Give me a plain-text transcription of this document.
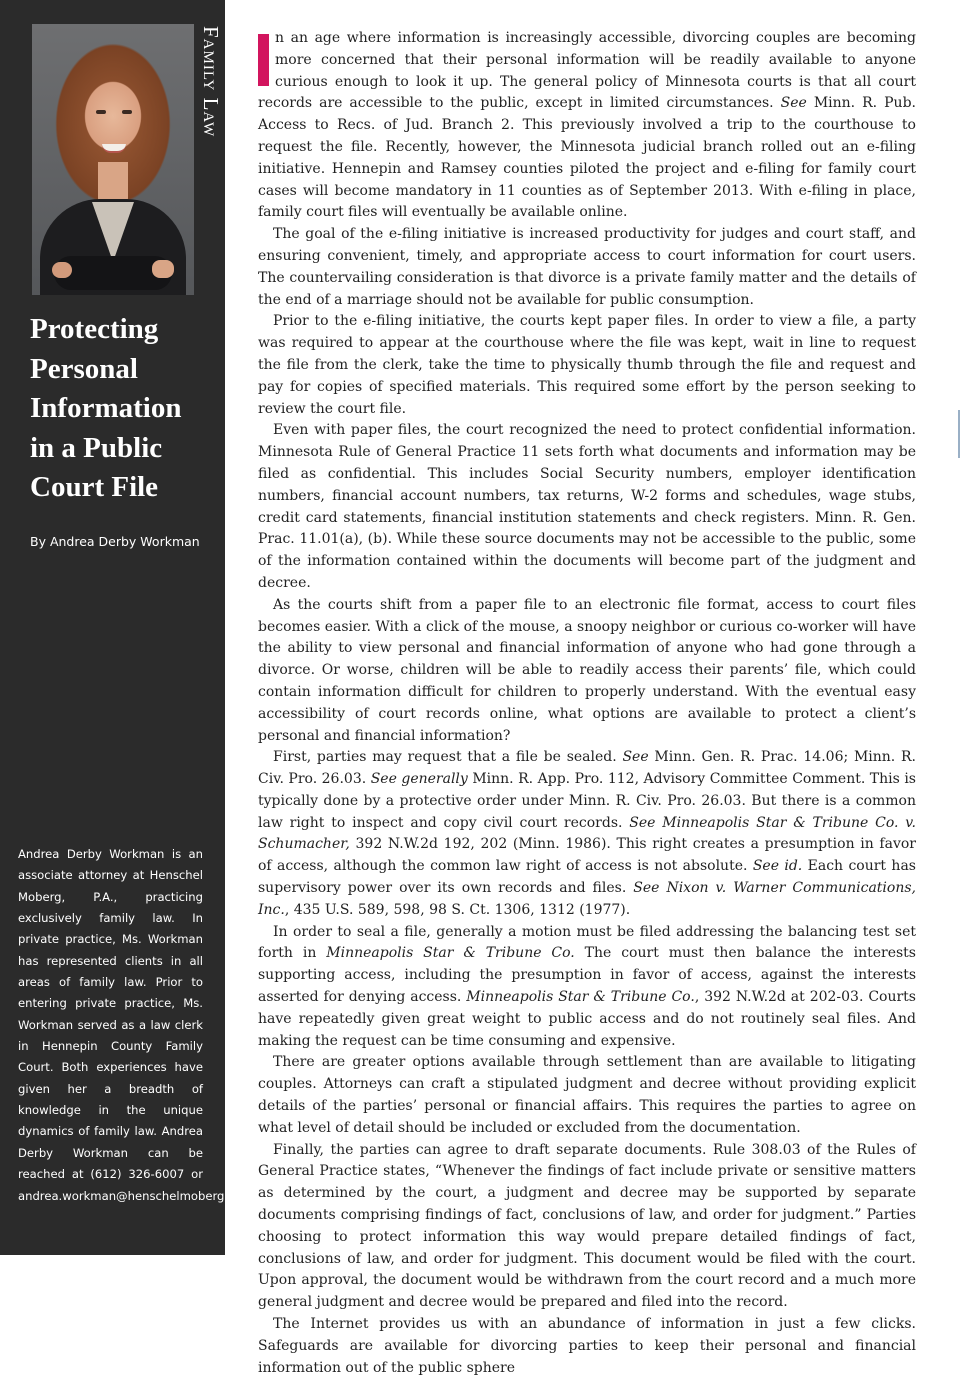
Family Law
Protecting
Personal
Information
in a Public
Court File
By Andrea Derby Workman

Andrea Derby Workman is an associate attorney at Henschel Moberg, P.A., practicing exclusively family law. In private practice, Ms. Workman has represented clients in all areas of family law. Prior to entering private practice, Ms. Workman served as a law clerk in Hennepin County Family Court. Both experiences have given her a breadth of knowledge in the unique dynamics of family law. Andrea Derby Workman can be reached at (612) 326-6007 or andrea.workman@henschelmoberg.com.

n an age where information is increasingly accessible, divorcing couples are becoming more concerned that their personal information will be readily available to anyone curious enough to look it up. The general policy of Minnesota courts is that all court records are accessible to the public, except in limited circumstances. See Minn. R. Pub. Access to Recs. of Jud. Branch 2. This previously involved a trip to the courthouse to request the file. Recently, however, the Minnesota judicial branch rolled out an e-filing initiative. Hennepin and Ramsey counties piloted the project and e-filing for family court cases will become mandatory in 11 counties as of September 2013. With e-filing in place, family court files will eventually be available online.

The goal of the e-filing initiative is increased productivity for judges and court staff, and ensuring convenient, timely, and appropriate access to court information for court users. The countervailing consideration is that divorce is a private family matter and the details of the end of a marriage should not be available for public consumption.

Prior to the e-filing initiative, the courts kept paper files. In order to view a file, a party was required to appear at the courthouse where the file was kept, wait in line to request the file from the clerk, take the time to physically thumb through the file and request and pay for copies of specified materials. This required some effort by the person seeking to review the court file.

Even with paper files, the court recognized the need to protect confidential information. Minnesota Rule of General Practice 11 sets forth what documents and information may be filed as confidential. This includes Social Security numbers, employer identification numbers, financial account numbers, tax returns, W-2 forms and schedules, wage stubs, credit card statements, financial institution statements and check registers. Minn. R. Gen. Prac. 11.01(a), (b). While these source documents may not be accessible to the public, some of the information contained within the documents will become part of the judgment and decree.

As the courts shift from a paper file to an electronic file format, access to court files becomes easier. With a click of the mouse, a snoopy neighbor or curious co-worker will have the ability to view personal and financial information of anyone who had gone through a divorce. Or worse, children will be able to readily access their parents’ file, which could contain information difficult for children to properly understand. With the eventual easy accessibility of court records online, what options are available to protect a client’s personal and financial information?

First, parties may request that a file be sealed. See Minn. Gen. R. Prac. 14.06; Minn. R. Civ. Pro. 26.03. See generally Minn. R. App. Pro. 112, Advisory Committee Comment. This is typically done by a protective order under Minn. R. Civ. Pro. 26.03. But there is a common law right to inspect and copy civil court records. See Minneapolis Star & Tribune Co. v. Schumacher, 392 N.W.2d 192, 202 (Minn. 1986). This right creates a presumption in favor of access, although the common law right of access is not absolute. See id. Each court has supervisory power over its own records and files. See Nixon v. Warner Communications, Inc., 435 U.S. 589, 598, 98 S. Ct. 1306, 1312 (1977).

In order to seal a file, generally a motion must be filed addressing the balancing test set forth in Minneapolis Star & Tribune Co. The court must then balance the interests supporting access, including the presumption in favor of access, against the interests asserted for denying access. Minneapolis Star & Tribune Co., 392 N.W.2d at 202-03. Courts have repeatedly given great weight to public access and do not routinely seal files. And making the request can be time consuming and expensive.

There are greater options available through settlement than are available to litigating couples. Attorneys can craft a stipulated judgment and decree without providing explicit details of the parties’ personal or financial affairs. This requires the parties to agree on what level of detail should be included or excluded from the documentation.

Finally, the parties can agree to draft separate documents. Rule 308.03 of the Rules of General Practice states, “Whenever the findings of fact include private or sensitive matters as determined by the court, a judgment and decree may be supported by separate documents comprising findings of fact, conclusions of law, and order for judgment.” Parties choosing to protect information this way would prepare detailed findings of fact, conclusions of law, and order for judgment. This document would be filed with the court. Upon approval, the document would be withdrawn from the court record and a much more general judgment and decree would be prepared and filed into the record.

The Internet provides us with an abundance of information in just a few clicks. Safeguards are available for divorcing parties to keep their personal and financial information out of the public sphere
